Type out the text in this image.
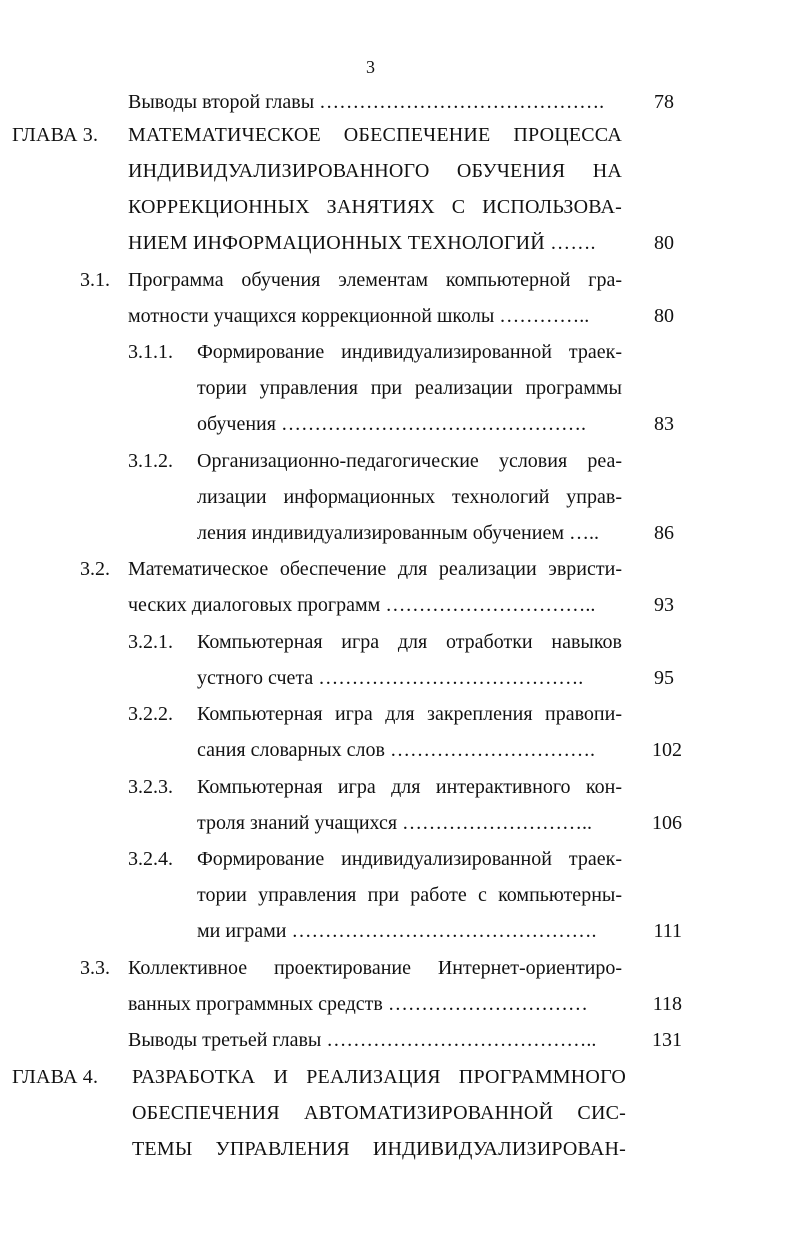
3
Выводы второй главы …………………………………….	78
ГЛАВА 3. МАТЕМАТИЧЕСКОЕ ОБЕСПЕЧЕНИЕ ПРОЦЕССА
ИНДИВИДУАЛИЗИРОВАННОГО ОБУЧЕНИЯ НА
КОРРЕКЦИОННЫХ ЗАНЯТИЯХ С ИСПОЛЬЗОВА-
НИЕМ ИНФОРМАЦИОННЫХ ТЕХНОЛОГИЙ …….	80
3.1. Программа обучения элементам компьютерной гра-
мотности учащихся коррекционной школы …………..	80
3.1.1. Формирование индивидуализированной траек-
тории управления при реализации программы
обучения ……………………………………….	83
3.1.2. Организационно-педагогические условия реа-
лизации информационных технологий управ-
ления индивидуализированным обучением …..	86
3.2. Математическое обеспечение для реализации эвристи-
ческих диалоговых программ …………………………..	93
3.2.1. Компьютерная игра для отработки навыков
устного счета ………………………………….	95
3.2.2. Компьютерная игра для закрепления правопи-
сания словарных слов ………………………….	102
3.2.3. Компьютерная игра для интерактивного кон-
троля знаний учащихся ………………………..	106
3.2.4. Формирование индивидуализированной траек-
тории управления при работе с компьютерны-
ми играми ……………………………………….	111
3.3. Коллективное проектирование Интернет-ориентиро-
ванных программных средств …………………………	118
Выводы третьей главы …………………………………..	131
ГЛАВА 4. РАЗРАБОТКА И РЕАЛИЗАЦИЯ ПРОГРАММНОГО
ОБЕСПЕЧЕНИЯ АВТОМАТИЗИРОВАННОЙ СИС-
ТЕМЫ УПРАВЛЕНИЯ ИНДИВИДУАЛИЗИРОВАН-
